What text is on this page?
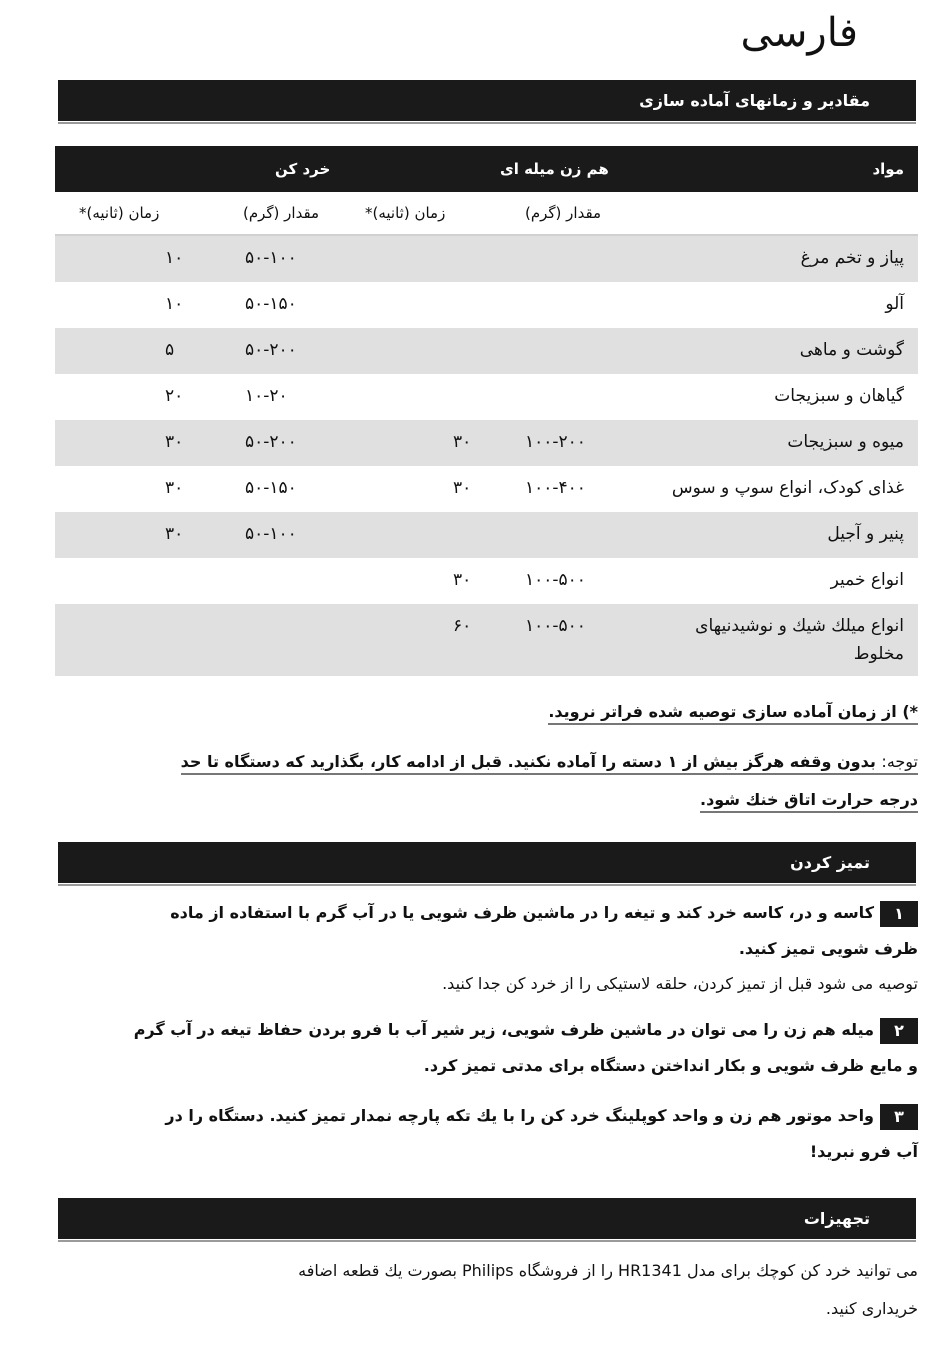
فارسی
مقادیر و زمانهای آماده سازی
مواد
هم زن میله ای
خرد کن
مقدار (گرم)
زمان (ثانیه)*
مقدار (گرم)
زمان (ثانیه)*
پیاز و تخم مرغ
۵۰-۱۰۰
۱۰
آلو
۵۰-۱۵۰
۱۰
گوشت و ماهی
۵۰-۲۰۰
۵
گیاهان و سبزیجات
۱۰-۲۰
۲۰
میوه و سبزیجات
۱۰۰-۲۰۰
۳۰
۵۰-۲۰۰
۳۰
غذای کودک، انواع سوپ و سوس
۱۰۰-۴۰۰
۳۰
۵۰-۱۵۰
۳۰
پنیر و آجیل
۵۰-۱۰۰
۳۰
انواع خمیر
۱۰۰-۵۰۰
۳۰
انواع میلك شيك و نوشیدنیهای مخلوط
۱۰۰-۵۰۰
۶۰
*) از زمان آماده سازی توصیه شده فراتر نروید.
توجه: بدون وقفه هرگز بیش از ۱ دسته را آماده نکنید. قبل از ادامه کار، بگذارید که دستگاه تا حد
درجه حرارت اتاق خنك شود.
تمیز کردن
۱کاسه و در، کاسه خرد کند و تیغه را در ماشین ظرف شویی یا در آب گرم با استفاده از ماده
ظرف شویی تمیز کنید.
توصیه می شود قبل از تمیز کردن، حلقه لاستیکی را از خرد کن جدا کنید.
۲میله هم زن را می توان در ماشین ظرف شویی، زیر شیر آب با فرو بردن حفاظ تیغه در آب گرم
و مایع ظرف شویی و بکار انداختن دستگاه برای مدتی تمیز کرد.
۳واحد موتور هم زن و واحد کوپلینگ خرد کن را با یك تکه پارچه نمدار تمیز کنید. دستگاه را در
آب فرو نبرید!
تجهیزات
می توانید خرد کن کوچك برای مدل HR1341 را از فروشگاه Philips بصورت یك قطعه اضافه
خریداری کنید.
